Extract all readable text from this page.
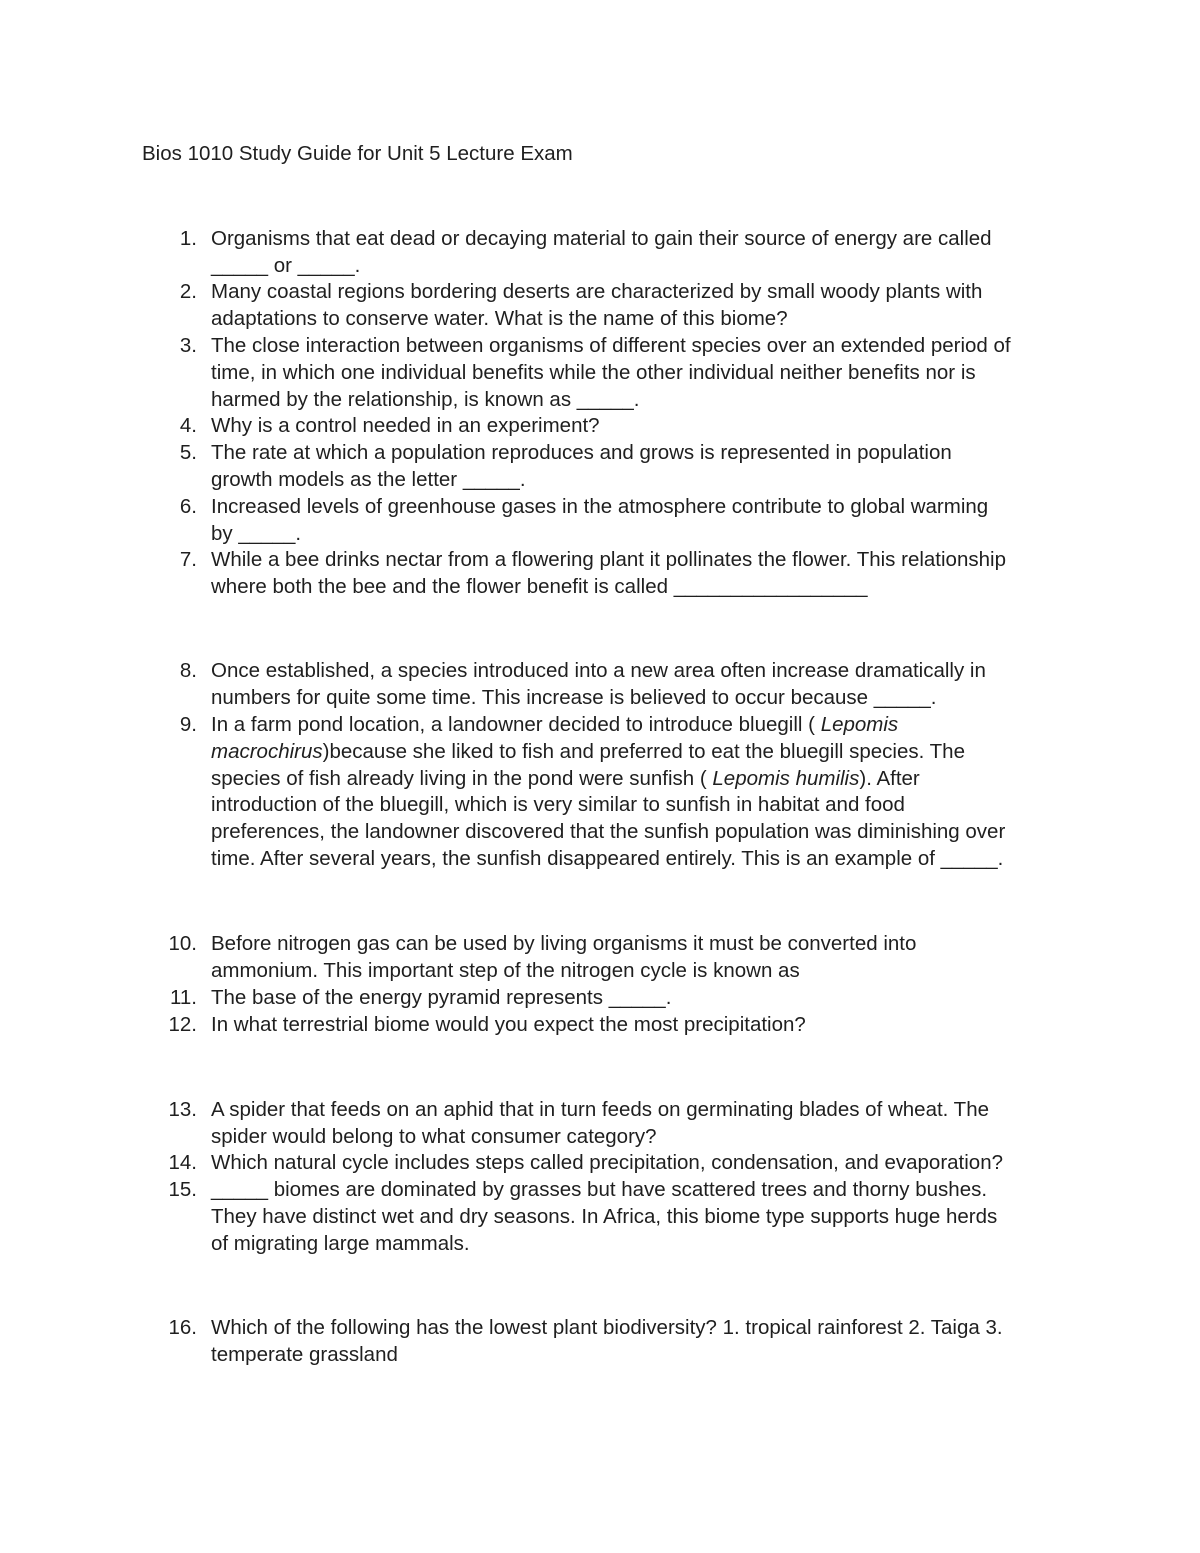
Bios 1010 Study Guide for Unit 5 Lecture Exam
1. Organisms that eat dead or decaying material to gain their source of energy are called
_____ or _____.
2. Many coastal regions bordering deserts are characterized by small woody plants with
adaptations to conserve water. What is the name of this biome?
3. The close interaction between organisms of different species over an extended period of
time, in which one individual benefits while the other individual neither benefits nor is
harmed by the relationship, is known as _____.
4. Why is a control needed in an experiment?
5. The rate at which a population reproduces and grows is represented in population
growth models as the letter _____.
6. Increased levels of greenhouse gases in the atmosphere contribute to global warming
by _____.
7. While a bee drinks nectar from a flowering plant it pollinates the flower. This relationship
where both the bee and the flower benefit is called _________________
8. Once established, a species introduced into a new area often increase dramatically in
numbers for quite some time. This increase is believed to occur because _____.
9. In a farm pond location, a landowner decided to introduce bluegill ( Lepomis
macrochirus)because she liked to fish and preferred to eat the bluegill species. The
species of fish already living in the pond were sunfish ( Lepomis humilis). After
introduction of the bluegill, which is very similar to sunfish in habitat and food
preferences, the landowner discovered that the sunfish population was diminishing over
time. After several years, the sunfish disappeared entirely. This is an example of _____.
10. Before nitrogen gas can be used by living organisms it must be converted into
ammonium. This important step of the nitrogen cycle is known as
11. The base of the energy pyramid represents _____.
12. In what terrestrial biome would you expect the most precipitation?
13. A spider that feeds on an aphid that in turn feeds on germinating blades of wheat. The
spider would belong to what consumer category?
14. Which natural cycle includes steps called precipitation, condensation, and evaporation?
15. _____ biomes are dominated by grasses but have scattered trees and thorny bushes.
They have distinct wet and dry seasons. In Africa, this biome type supports huge herds
of migrating large mammals.
16. Which of the following has the lowest plant biodiversity? 1. tropical rainforest 2. Taiga 3.
temperate grassland
